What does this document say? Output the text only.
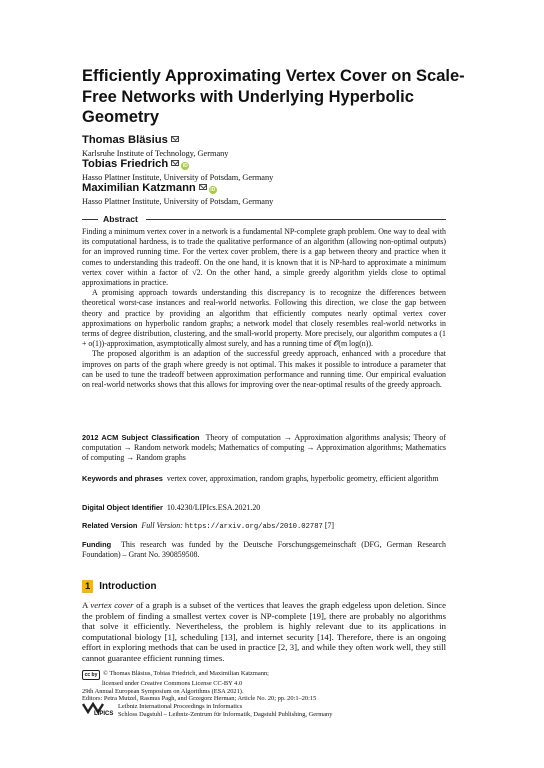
Efficiently Approximating Vertex Cover on Scale-Free Networks with Underlying Hyperbolic Geometry
Thomas Bläsius
Karlsruhe Institute of Technology, Germany
Tobias Friedrich	iD
Hasso Plattner Institute, University of Potsdam, Germany
Maximilian Katzmann	iD
Hasso Plattner Institute, University of Potsdam, Germany
Abstract

Finding a minimum vertex cover in a network is a fundamental NP-complete graph problem. One way to deal with its computational hardness, is to trade the qualitative performance of an algorithm (allowing non-optimal outputs) for an improved running time. For the vertex cover problem, there is a gap between theory and practice when it comes to understanding this tradeoff. On the one hand, it is known that it is NP-hard to approximate a minimum vertex cover within a factor of √2. On the other hand, a simple greedy algorithm yields close to optimal approximations in practice.

A promising approach towards understanding this discrepancy is to recognize the differences between theoretical worst-case instances and real-world networks. Following this direction, we close the gap between theory and practice by providing an algorithm that efficiently computes nearly optimal vertex cover approximations on hyperbolic random graphs; a network model that closely resembles real-world networks in terms of degree distribution, clustering, and the small-world property. More precisely, our algorithm computes a (1 + o(1))-approximation, asymptotically almost surely, and has a running time of 𝒪(m log(n)).

The proposed algorithm is an adaption of the successful greedy approach, enhanced with a procedure that improves on parts of the graph where greedy is not optimal. This makes it possible to introduce a parameter that can be used to tune the tradeoff between approximation performance and running time. Our empirical evaluation on real-world networks shows that this allows for improving over the near-optimal results of the greedy approach.

2012 ACM Subject Classification Theory of computation → Approximation algorithms analysis; Theory of computation → Random network models; Mathematics of computing → Approximation algorithms; Mathematics of computing → Random graphs
Keywords and phrases vertex cover, approximation, random graphs, hyperbolic geometry, efficient algorithm
Digital Object Identifier 10.4230/LIPIcs.ESA.2021.20
Related Version Full Version: https://arxiv.org/abs/2010.02787 [7]
Funding This research was funded by the Deutsche Forschungsgemeinschaft (DFG, German Research Foundation) – Grant No. 390859508.
1 Introduction
A vertex cover of a graph is a subset of the vertices that leaves the graph edgeless upon deletion. Since the problem of finding a smallest vertex cover is NP-complete [19], there are probably no algorithms that solve it efficiently. Nevertheless, the problem is highly relevant due to its applications in computational biology [1], scheduling [13], and internet security [14]. Therefore, there is an ongoing effort in exploring methods that can be used in practice [2, 3], and while they often work well, they still cannot guarantee efficient running times.
cc by © Thomas Bläsius, Tobias Friedrich, and Maximilian Katzmann;
licensed under Creative Commons License CC-BY 4.0
29th Annual European Symposium on Algorithms (ESA 2021).
Editors: Petra Mutzel, Rasmus Pagh, and Grzegorz Herman; Article No. 20; pp. 20:1–20:15
Leibniz International Proceedings in Informatics
Schloss Dagstuhl – Leibniz-Zentrum für Informatik, Dagstuhl Publishing, Germany
LIPICS
